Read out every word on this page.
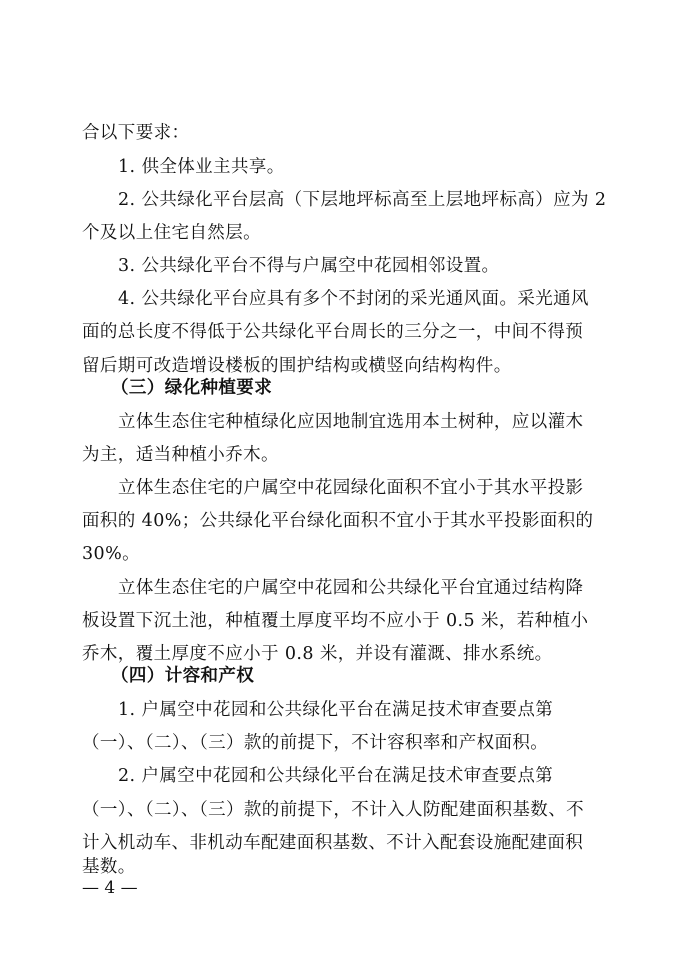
合以下要求：
1. 供全体业主共享。
2. 公共绿化平台层高（下层地坪标高至上层地坪标高）应为 2
个及以上住宅自然层。
3. 公共绿化平台不得与户属空中花园相邻设置。
4. 公共绿化平台应具有多个不封闭的采光通风面。采光通风
面的总长度不得低于公共绿化平台周长的三分之一，中间不得预
留后期可改造增设楼板的围护结构或横竖向结构构件。
（三）绿化种植要求
立体生态住宅种植绿化应因地制宜选用本土树种，应以灌木
为主，适当种植小乔木。
立体生态住宅的户属空中花园绿化面积不宜小于其水平投影
面积的 40%；公共绿化平台绿化面积不宜小于其水平投影面积的
30%。
立体生态住宅的户属空中花园和公共绿化平台宜通过结构降
板设置下沉土池，种植覆土厚度平均不应小于 0.5 米，若种植小
乔木，覆土厚度不应小于 0.8 米，并设有灌溉、排水系统。
（四）计容和产权
1. 户属空中花园和公共绿化平台在满足技术审查要点第
（一）、（二）、（三）款的前提下，不计容积率和产权面积。
2. 户属空中花园和公共绿化平台在满足技术审查要点第
（一）、（二）、（三）款的前提下，不计入人防配建面积基数、不
计入机动车、非机动车配建面积基数、不计入配套设施配建面积
基数。
— 4 —
